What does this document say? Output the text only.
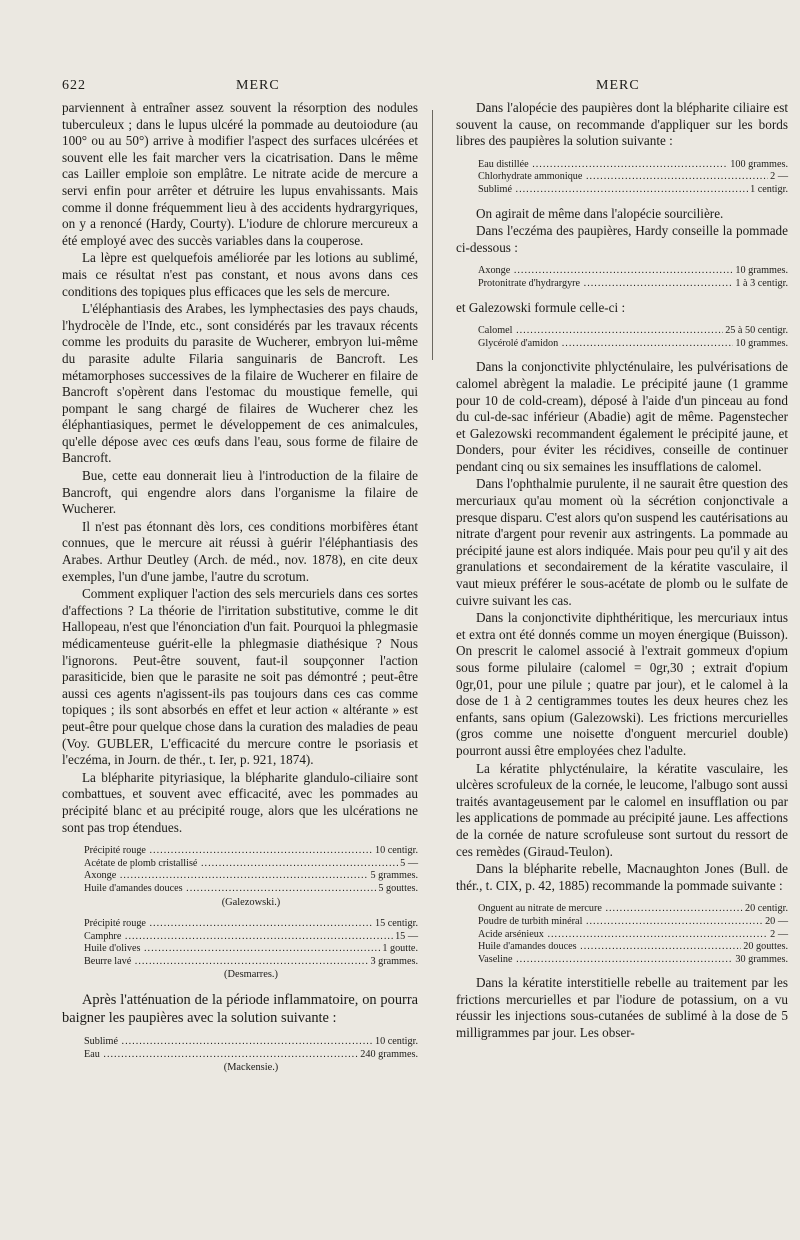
622	MERC	MERC

parviennent à entraîner assez souvent la résorption des nodules tuberculeux ; dans le lupus ulcéré la pommade au deutoiodure (au 100° ou au 50°) arrive à modifier l'aspect des surfaces ulcérées et souvent elle les fait marcher vers la cicatrisation. Dans le même cas Lailler emploie son emplâtre. Le nitrate acide de mercure a servi enfin pour arrêter et détruire les lupus envahissants. Mais comme il donne fréquemment lieu à des accidents hydrargyriques, on y a renoncé (Hardy, Courty). L'iodure de chlorure mercureux a été employé avec des succès variables dans la couperose.

La lèpre est quelquefois améliorée par les lotions au sublimé, mais ce résultat n'est pas constant, et nous avons dans ces conditions des topiques plus efficaces que les sels de mercure.

L'éléphantiasis des Arabes, les lymphectasies des pays chauds, l'hydrocèle de l'Inde, etc., sont considérés par les travaux récents comme les produits du parasite de Wucherer, embryon lui-même du parasite adulte Filaria sanguinaris de Bancroft. Les métamorphoses successives de la filaire de Wucherer en filaire de Bancroft s'opèrent dans l'estomac du moustique femelle, qui pompant le sang chargé de filaires de Wucherer chez les éléphantiasiques, permet le développement de ces animalcules, qu'elle dépose avec ces œufs dans l'eau, sous forme de filaire de Bancroft.

Bue, cette eau donnerait lieu à l'introduction de la filaire de Bancroft, qui engendre alors dans l'organisme la filaire de Wucherer.

Il n'est pas étonnant dès lors, ces conditions morbifères étant connues, que le mercure ait réussi à guérir l'éléphantiasis des Arabes. Arthur Deutley (Arch. de méd., nov. 1878), en cite deux exemples, l'un d'une jambe, l'autre du scrotum.

Comment expliquer l'action des sels mercuriels dans ces sortes d'affections ? La théorie de l'irritation substitutive, comme le dit Hallopeau, n'est que l'énonciation d'un fait. Pourquoi la phlegmasie médicamenteuse guérit-elle la phlegmasie diathésique ? Nous l'ignorons. Peut-être souvent, faut-il soupçonner l'action parasiticide, bien que le parasite ne soit pas démontré ; peut-être aussi ces agents n'agissent-ils pas toujours dans ces cas comme topiques ; ils sont absorbés en effet et leur action « altérante » est peut-être pour quelque chose dans la curation des maladies de peau (Voy. GUBLER, L'efficacité du mercure contre le psoriasis et l'eczéma, in Journ. de thér., t. Ier, p. 921, 1874).

La blépharite pityriasique, la blépharite glandulo-ciliaire sont combattues, et souvent avec efficacité, avec les pommades au précipité blanc et au précipité rouge, alors que les ulcérations ne sont pas trop étendues.

Précipité rouge .....	10 centigr.
Acétate de plomb cristallisé .....	5 —
Axonge .....	5 grammes.
Huile d'amandes douces .....	5 gouttes.
(Galezowski.)
Précipité rouge .....	15 centigr.
Camphre .....	15 —
Huile d'olives .....	1 goutte.
Beurre lavé .....	3 grammes.
(Desmarres.)

Après l'atténuation de la période inflammatoire, on pourra baigner les paupières avec la solution suivante :

Sublimé .....	10 centigr.
Eau .....	240 grammes.
(Mackensie.)

Dans l'alopécie des paupières dont la blépharite ciliaire est souvent la cause, on recommande d'appliquer sur les bords libres des paupières la solution suivante :

Eau distillée .....	100 grammes.
Chlorhydrate ammonique .....	2 —
Sublimé .....	1 centigr.

On agirait de même dans l'alopécie sourcilière.

Dans l'eczéma des paupières, Hardy conseille la pommade ci-dessous :

Axonge .....	10 grammes.
Protonitrate d'hydrargyre .....	1 à 3 centigr.

et Galezowski formule celle-ci :

Calomel .....	25 à 50 centigr.
Glycérolé d'amidon .....	10 grammes.

Dans la conjonctivite phlycténulaire, les pulvérisations de calomel abrègent la maladie. Le précipité jaune (1 gramme pour 10 de cold-cream), déposé à l'aide d'un pinceau au fond du cul-de-sac inférieur (Abadie) agit de même. Pagenstecher et Galezowski recommandent également le précipité jaune, et Donders, pour éviter les récidives, conseille de continuer pendant cinq ou six semaines les insufflations de calomel.

Dans l'ophthalmie purulente, il ne saurait être question des mercuriaux qu'au moment où la sécrétion conjonctivale a presque disparu. C'est alors qu'on suspend les cautérisations au nitrate d'argent pour revenir aux astringents. La pommade au précipité jaune est alors indiquée. Mais pour peu qu'il y ait des granulations et secondairement de la kératite vasculaire, il vaut mieux préférer le sous-acétate de plomb ou le sulfate de cuivre suivant les cas.

Dans la conjonctivite diphthéritique, les mercuriaux intus et extra ont été donnés comme un moyen énergique (Buisson). On prescrit le calomel associé à l'extrait gommeux d'opium sous forme pilulaire (calomel = 0gr,30 ; extrait d'opium 0gr,01, pour une pilule ; quatre par jour), et le calomel à la dose de 1 à 2 centigrammes toutes les deux heures chez les enfants, sans opium (Galezowski). Les frictions mercurielles (gros comme une noisette d'onguent mercuriel double) pourront aussi être employées chez l'adulte.

La kératite phlycténulaire, la kératite vasculaire, les ulcères scrofuleux de la cornée, le leucome, l'albugo sont aussi traités avantageusement par le calomel en insufflation ou par les applications de pommade au précipité jaune. Les affections de la cornée de nature scrofuleuse sont surtout du ressort de ces remèdes (Giraud-Teulon).

Dans la blépharite rebelle, Macnaughton Jones (Bull. de thér., t. CIX, p. 42, 1885) recommande la pommade suivante :

Onguent au nitrate de mercure .....	20 centigr.
Poudre de turbith minéral .....	20 —
Acide arsénieux .....	2 —
Huile d'amandes douces .....	20 gouttes.
Vaseline .....	30 grammes.

Dans la kératite interstitielle rebelle au traitement par les frictions mercurielles et par l'iodure de potassium, on a vu réussir les injections sous-cutanées de sublimé à la dose de 5 milligrammes par jour. Les obser-
